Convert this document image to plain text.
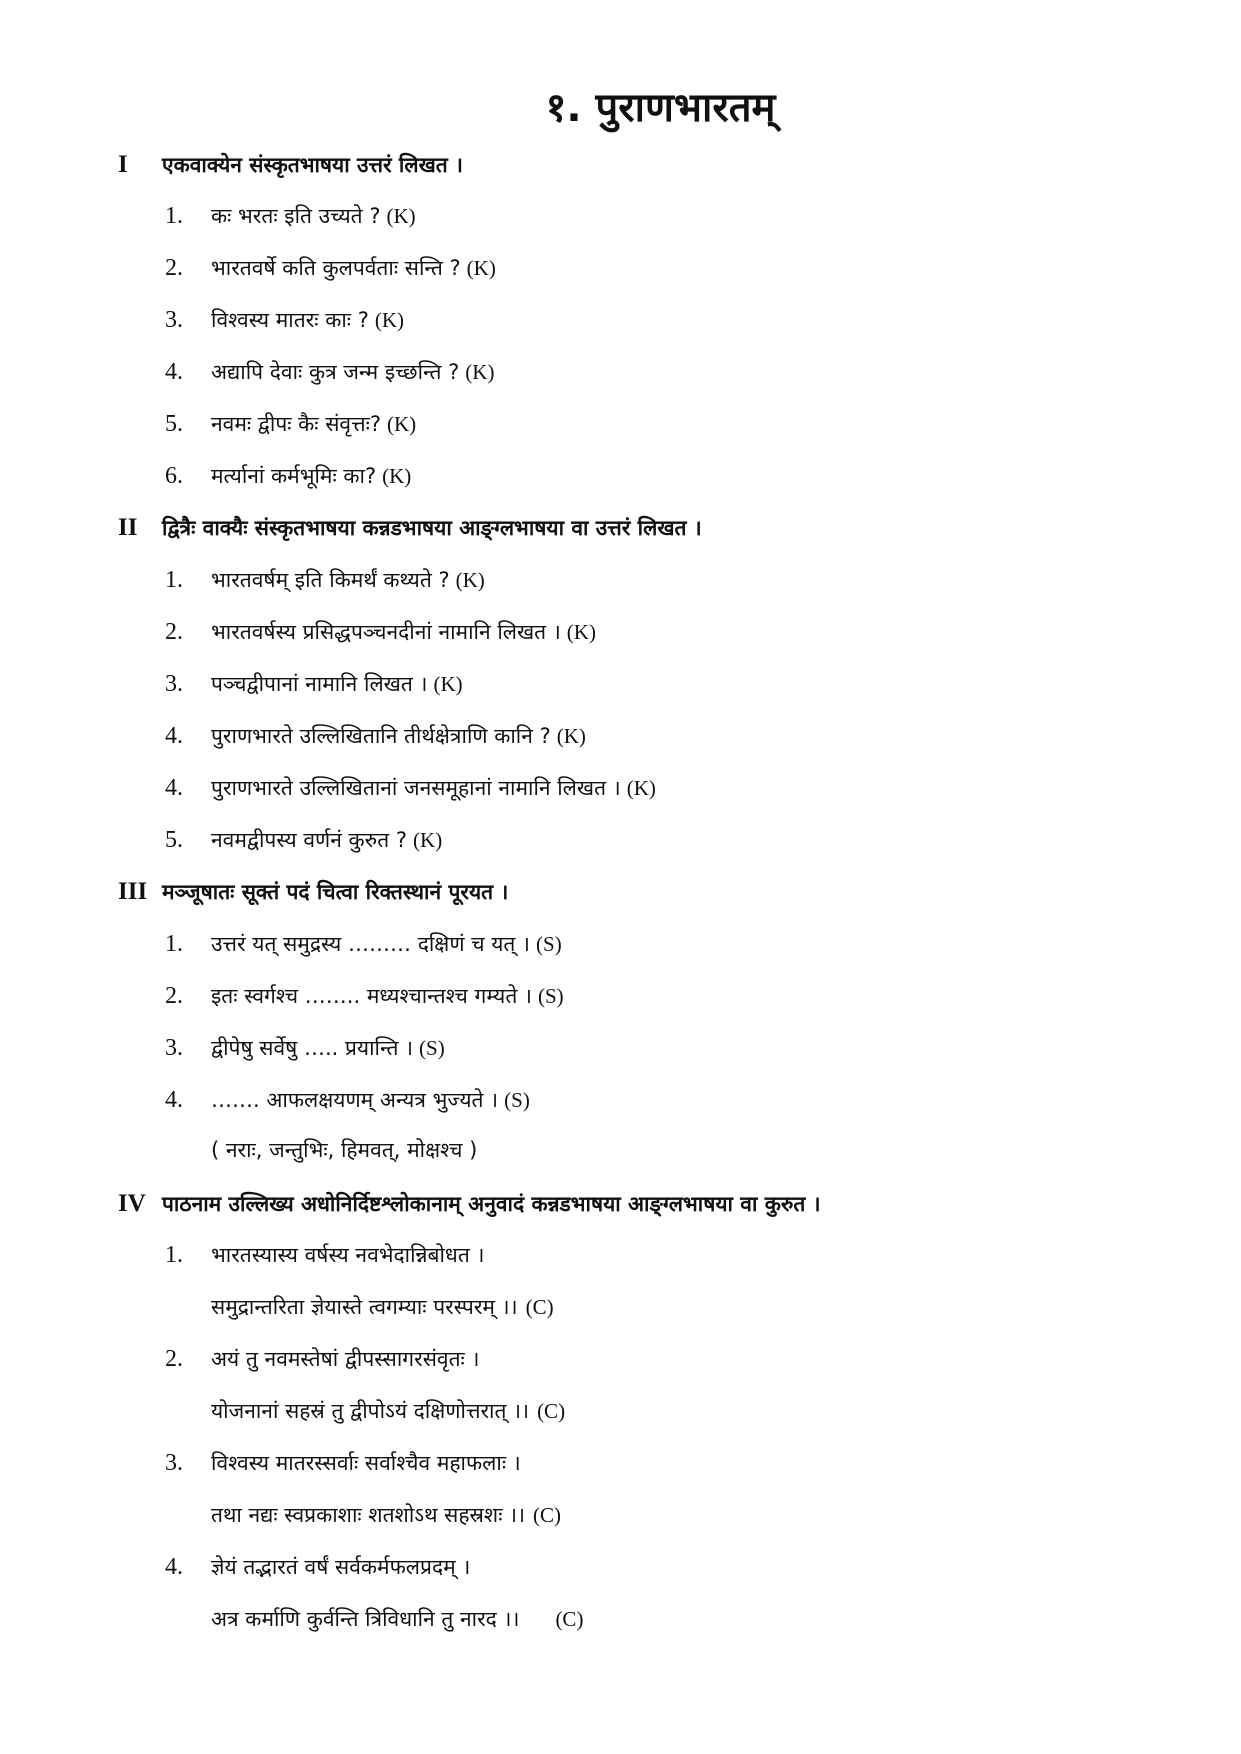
१. पुराणभारतम्
I एकवाक्येन संस्कृतभाषया उत्तरं लिखत ।
1. कः भरतः इति उच्यते ? (K)
2. भारतवर्षे कति कुलपर्वताः सन्ति ? (K)
3. विश्वस्य मातरः काः ? (K)
4. अद्यापि देवाः कुत्र जन्म इच्छन्ति ? (K)
5. नवमः द्वीपः कैः संवृत्तः? (K)
6. मर्त्यानां कर्मभूमिः का? (K)
II द्वित्रैः वाक्यैः संस्कृतभाषया कन्नडभाषया आङ्ग्लभाषया वा उत्तरं लिखत ।
1. भारतवर्षम् इति किमर्थं कथ्यते ? (K)
2. भारतवर्षस्य प्रसिद्धपञ्चनदीनां नामानि लिखत । (K)
3. पञ्चद्वीपानां नामानि लिखत । (K)
4. पुराणभारते उल्लिखितानि तीर्थक्षेत्राणि कानि ? (K)
4. पुराणभारते उल्लिखितानां जनसमूहानां नामानि लिखत । (K)
5. नवमद्वीपस्य वर्णनं कुरुत ? (K)
III मञ्जूषातः सूक्तं पदं चित्वा रिक्तस्थानं पूरयत ।
1. उत्तरं यत् समुद्रस्य ……… दक्षिणं च यत् । (S)
2. इतः स्वर्गश्च …….. मध्यश्चान्तश्च गम्यते । (S)
3. द्वीपेषु सर्वेषु ….. प्रयान्ति । (S)
4. ……. आफलक्षयणम् अन्यत्र भुज्यते । (S)
( नराः, जन्तुभिः, हिमवत्, मोक्षश्च )
IV पाठनाम उल्लिख्य अधोनिर्दिष्टश्लोकानाम् अनुवादं कन्नडभाषया आङ्ग्लभाषया वा कुरुत ।
1. भारतस्यास्य वर्षस्य नवभेदान्निबोधत ।
समुद्रान्तरिता ज्ञेयास्ते त्वगम्याः परस्परम् ।। (C)
2. अयं तु नवमस्तेषां द्वीपस्सागरसंवृतः ।
योजनानां सहस्रं तु द्वीपोऽयं दक्षिणोत्तरात् ।। (C)
3. विश्वस्य मातरस्सर्वाः सर्वाश्चैव महाफलाः ।
तथा नद्यः स्वप्रकाशाः शतशोऽथ सहस्रशः ।। (C)
4. ज्ञेयं तद्भारतं वर्षं सर्वकर्मफलप्रदम् ।
अत्र कर्माणि कुर्वन्ति त्रिविधानि तु नारद ।। (C)
